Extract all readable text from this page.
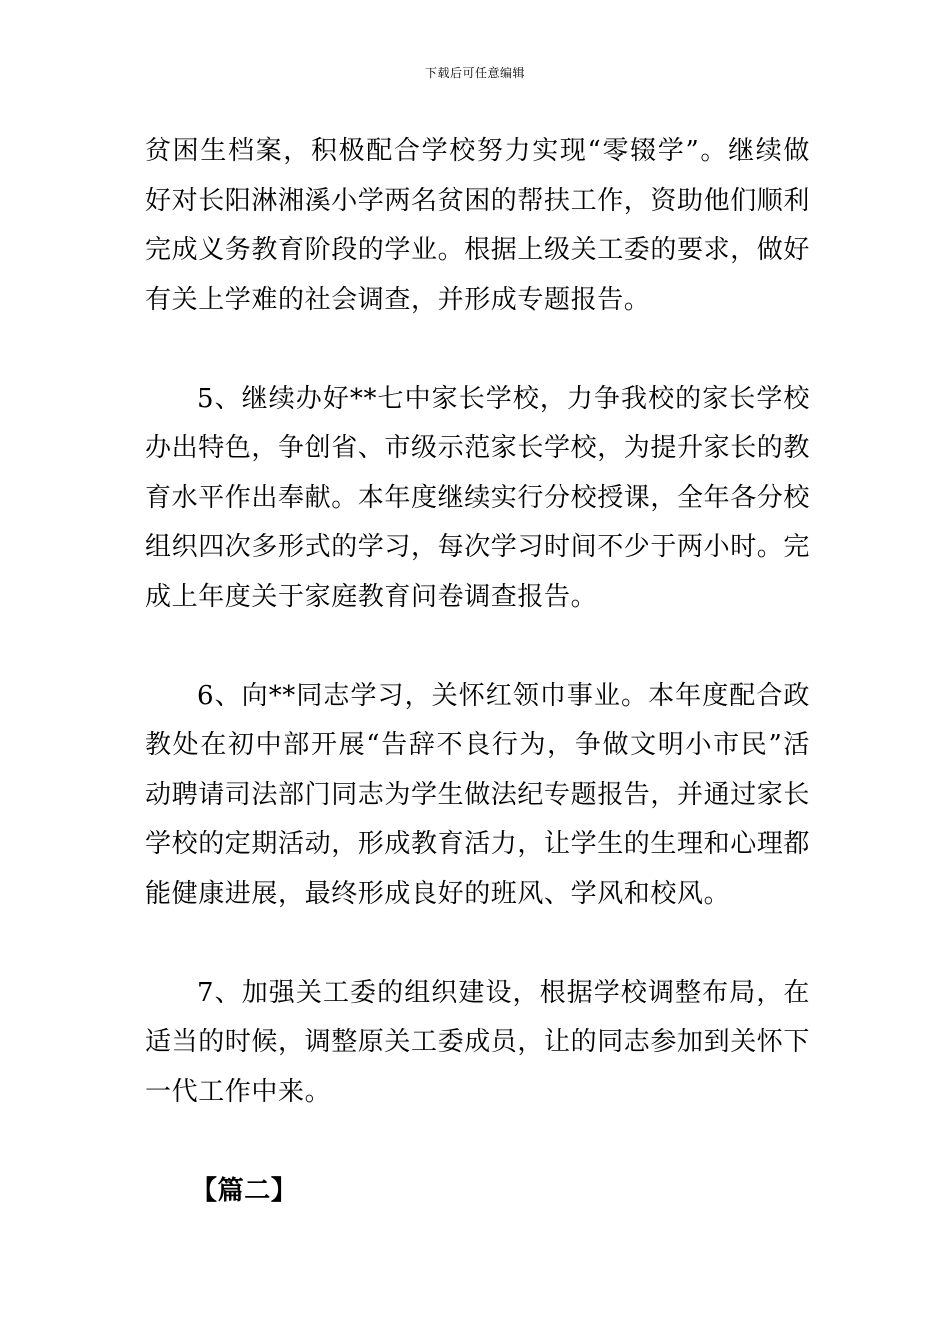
下载后可任意编辑

贫困生档案，积极配合学校努力实现“零辍学”。继续做好对长阳淋湘溪小学两名贫困的帮扶工作，资助他们顺利完成义务教育阶段的学业。根据上级关工委的要求，做好有关上学难的社会调查，并形成专题报告。

5、继续办好**七中家长学校，力争我校的家长学校办出特色，争创省、市级示范家长学校，为提升家长的教育水平作出奉献。本年度继续实行分校授课，全年各分校组织四次多形式的学习，每次学习时间不少于两小时。完成上年度关于家庭教育问卷调查报告。

6、向**同志学习，关怀红领巾事业。本年度配合政教处在初中部开展“告辞不良行为，争做文明小市民”活动聘请司法部门同志为学生做法纪专题报告，并通过家长学校的定期活动，形成教育活力，让学生的生理和心理都能健康进展，最终形成良好的班风、学风和校风。

7、加强关工委的组织建设，根据学校调整布局，在适当的时候，调整原关工委成员，让的同志参加到关怀下一代工作中来。

【篇二】
